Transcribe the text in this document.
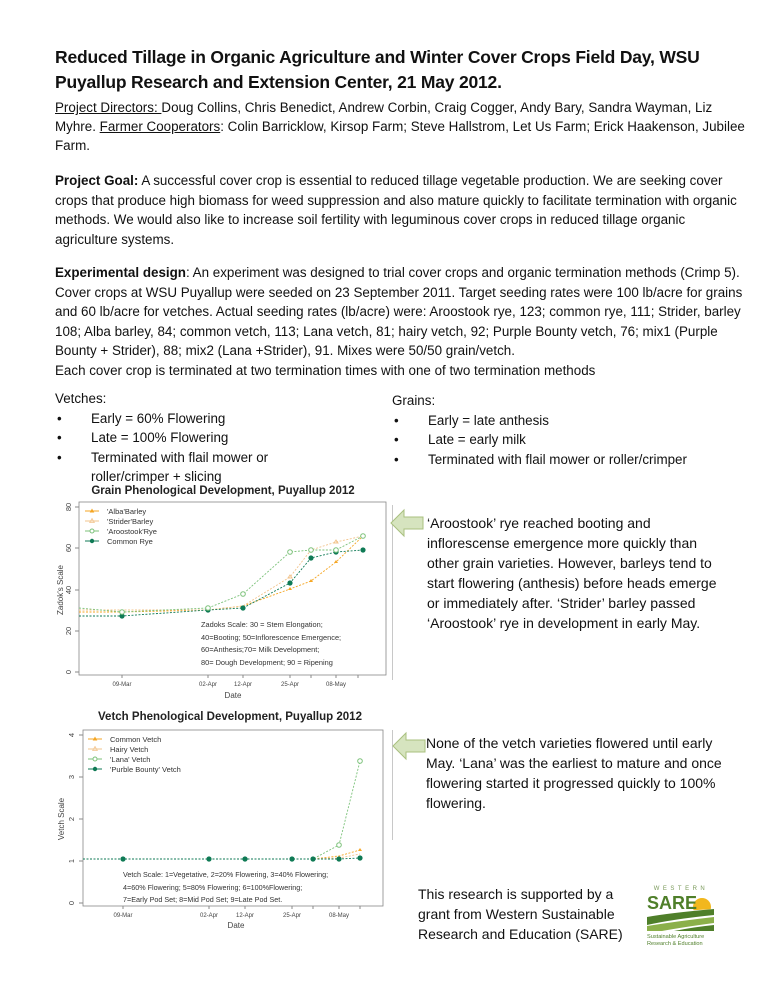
Reduced Tillage in Organic Agriculture and Winter Cover Crops Field Day, WSU
Puyallup Research and Extension Center, 21 May 2012.
Project Directors: Doug Collins, Chris Benedict, Andrew Corbin, Craig Cogger, Andy Bary, Sandra Wayman, Liz Myhre. Farmer Cooperators: Colin Barricklow, Kirsop Farm; Steve Hallstrom, Let Us Farm; Erick Haakenson, Jubilee Farm.
Project Goal: A successful cover crop is essential to reduced tillage vegetable production. We are seeking cover crops that produce high biomass for weed suppression and also mature quickly to facilitate termination with organic methods. We would also like to increase soil fertility with leguminous cover crops in reduced tillage organic agriculture systems.
Experimental design: An experiment was designed to trial cover crops and organic termination methods (Crimp 5). Cover crops at WSU Puyallup were seeded on 23 September 2011. Target seeding rates were 100 lb/acre for grains and 60 lb/acre for vetches. Actual seeding rates (lb/acre) were: Aroostook rye, 123; common rye, 111; Strider, barley 108; Alba barley, 84; common vetch, 113; Lana vetch, 81; hairy vetch, 92; Purple Bounty vetch, 76; mix1 (Purple Bounty + Strider), 88; mix2 (Lana +Strider), 91. Mixes were 50/50 grain/vetch.
Each cover crop is terminated at two termination times with one of two termination methods
Vetches:
• Early = 60% Flowering
• Late = 100% Flowering
• Terminated with flail mower or roller/crimper + slicing
Grains:
• Early = late anthesis
• Late = early milk
• Terminated with flail mower or roller/crimper
Grain Phenological Development, Puyallup 2012
0
20
40
60
80
Zadok's Scale
09-Mar	02-Apr	12-Apr	25-Apr	08-May
Date
'Alba'Barley
'Strider'Barley
'Aroostook'Rye
Common Rye
Zadoks Scale: 30 = Stem Elongation;
40=Booting; 50=Inflorescence Emergence;
60=Anthesis;70= Milk Development;
80= Dough Development; 90 = Ripening
‘Aroostook’ rye reached booting and inflorescense emergence more quickly than other grain varieties. However, barleys tend to start flowering (anthesis) before heads emerge or immediately after. ‘Strider’ barley passed ‘Aroostook’ rye in development in early May.
Vetch Phenological Development, Puyallup 2012
0
1
2
3
4
Vetch Scale
09-Mar	02-Apr	12-Apr	25-Apr	08-May
Date
Common Vetch
Hairy Vetch
'Lana' Vetch
'Purble Bounty' Vetch
Vetch Scale: 1=Vegetative, 2=20% Flowering, 3=40% Flowering;
4=60% Flowering; 5=80% Flowering; 6=100%Flowering;
7=Early Pod Set; 8=Mid Pod Set; 9=Late Pod Set.
None of the vetch varieties flowered until early May. ‘Lana’ was the earliest to mature and once flowering started it progressed quickly to 100% flowering.
This research is supported by a grant from Western Sustainable Research and Education (SARE)
WESTERN
SARE
Sustainable Agriculture
Research & Education
